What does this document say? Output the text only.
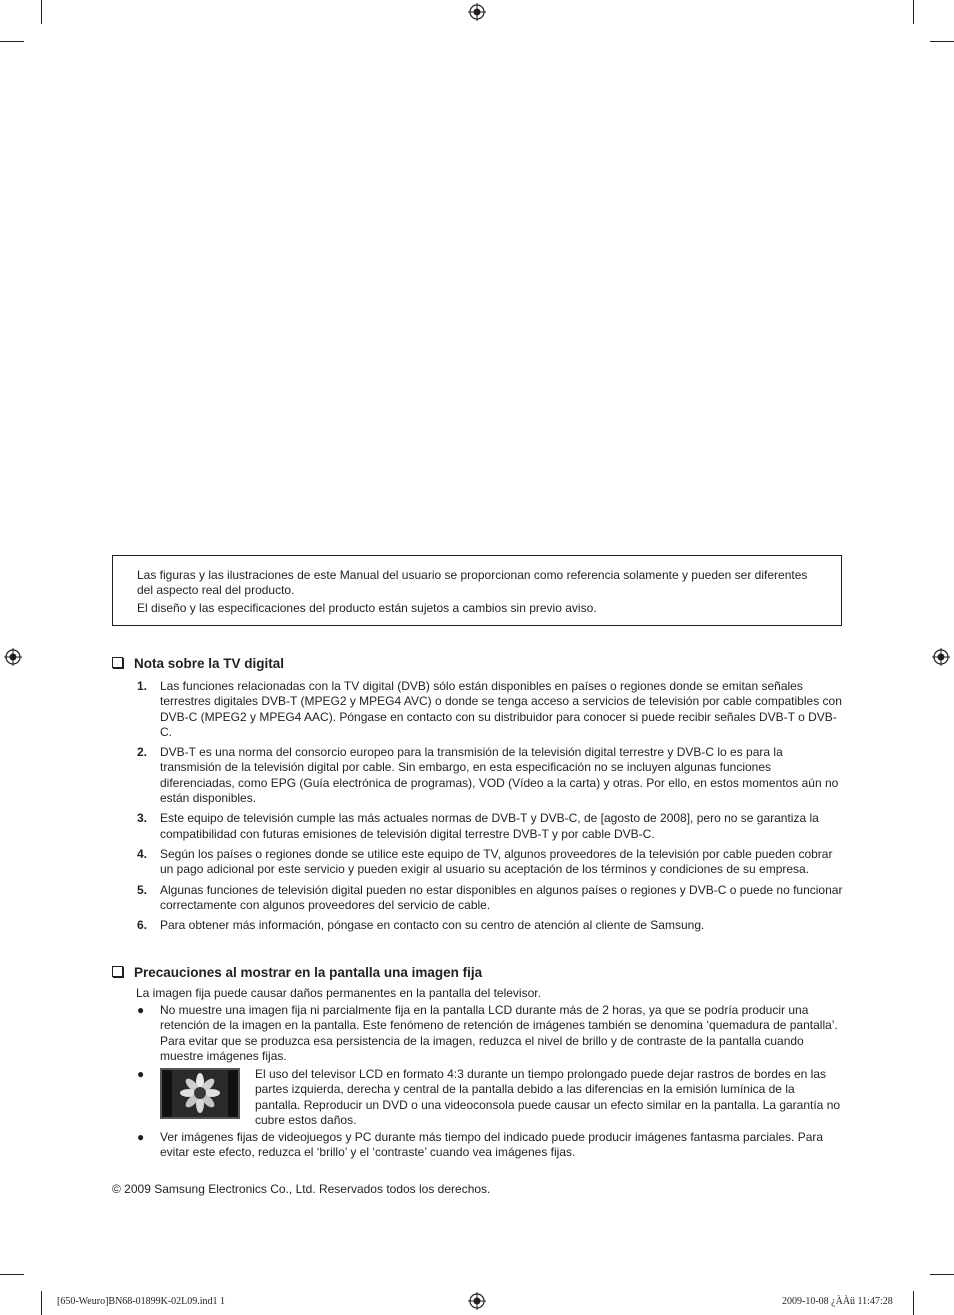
Las figuras y las ilustraciones de este Manual del usuario se proporcionan como referencia solamente y pueden ser diferentes del aspecto real del producto.

El diseño y las especificaciones del producto están sujetos a cambios sin previo aviso.

Nota sobre la TV digital
1. Las funciones relacionadas con la TV digital (DVB) sólo están disponibles en países o regiones donde se emitan señales terrestres digitales DVB-T (MPEG2 y MPEG4 AVC) o donde se tenga acceso a servicios de televisión por cable compatibles con DVB-C (MPEG2 y MPEG4 AAC). Póngase en contacto con su distribuidor para conocer si puede recibir señales DVB-T o DVB-C.
2. DVB-T es una norma del consorcio europeo para la transmisión de la televisión digital terrestre y DVB-C lo es para la transmisión de la televisión digital por cable. Sin embargo, en esta especificación no se incluyen algunas funciones diferenciadas, como EPG (Guía electrónica de programas), VOD (Vídeo a la carta) y otras. Por ello, en estos momentos aún no están disponibles.
3. Este equipo de televisión cumple las más actuales normas de DVB-T y DVB-C, de [agosto de 2008], pero no se garantiza la compatibilidad con futuras emisiones de televisión digital terrestre DVB-T y por cable DVB-C.
4. Según los países o regiones donde se utilice este equipo de TV, algunos proveedores de la televisión por cable pueden cobrar un pago adicional por este servicio y pueden exigir al usuario su aceptación de los términos y condiciones de su empresa.
5. Algunas funciones de televisión digital pueden no estar disponibles en algunos países o regiones y DVB-C o puede no funcionar correctamente con algunos proveedores del servicio de cable.
6. Para obtener más información, póngase en contacto con su centro de atención al cliente de Samsung.
Precauciones al mostrar en la pantalla una imagen fija
La imagen fija puede causar daños permanentes en la pantalla del televisor.
●	No muestre una imagen fija ni parcialmente fija en la pantalla LCD durante más de 2 horas, ya que se podría producir una retención de la imagen en la pantalla. Este fenómeno de retención de imágenes también se denomina ‘quemadura de pantalla’. Para evitar que se produzca esa persistencia de la imagen, reduzca el nivel de brillo y de contraste de la pantalla cuando muestre imágenes fijas.
●	El uso del televisor LCD en formato 4:3 durante un tiempo prolongado puede dejar rastros de bordes en las partes izquierda, derecha y central de la pantalla debido a las diferencias en la emisión lumínica de la pantalla. Reproducir un DVD o una videoconsola puede causar un efecto similar en la pantalla. La garantía no cubre estos daños.
●	Ver imágenes fijas de videojuegos y PC durante más tiempo del indicado puede producir imágenes fantasma parciales. Para evitar este efecto, reduzca el ‘brillo’ y el ‘contraste’ cuando vea imágenes fijas.
© 2009 Samsung Electronics Co., Ltd. Reservados todos los derechos.
[650-Weuro]BN68-01899K-02L09.ind1 1	2009-10-08 ¿ÀÀü 11:47:28
